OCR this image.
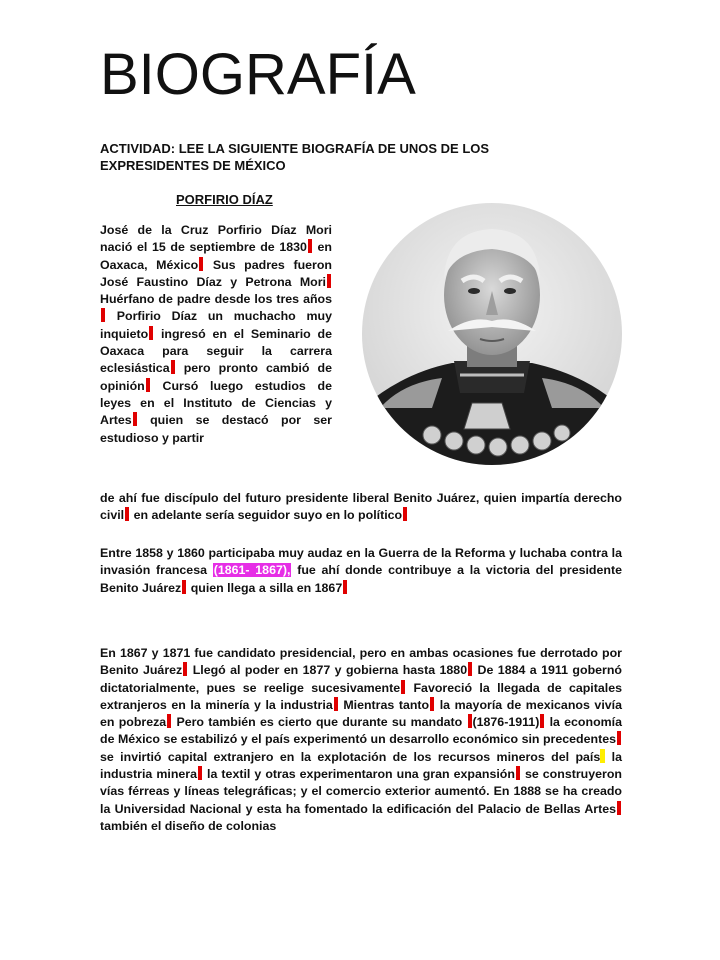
BIOGRAFÍA
ACTIVIDAD: LEE LA SIGUIENTE BIOGRAFÍA DE UNOS DE LOS EXPRESIDENTES DE MÉXICO
PORFIRIO DÍAZ
José de la Cruz Porfirio Díaz Mori nació el 15 de septiembre de 1830 en Oaxaca, México Sus padres fueron José Faustino Díaz y Petrona Mori Huérfano de padre desde los tres años Porfirio Díaz un muchacho muy inquieto ingresó en el Seminario de Oaxaca para seguir la carrera eclesiástica pero pronto cambió de opinión Cursó luego estudios de leyes en el Instituto de Ciencias y Artes quien se destacó por ser estudioso y partir
de ahí fue discípulo del futuro presidente liberal Benito Juárez, quien impartía derecho civil en adelante sería seguidor suyo en lo político
Entre 1858 y 1860 participaba muy audaz en la Guerra de la Reforma y luchaba contra la invasión francesa (1861- 1867), fue ahí donde contribuye a la victoria del presidente Benito Juárez quien llega a silla en 1867
En 1867 y 1871 fue candidato presidencial, pero en ambas ocasiones fue derrotado por Benito Juárez Llegó al poder en 1877 y gobierna hasta 1880 De 1884 a 1911 gobernó dictatorialmente, pues se reelige sucesivamente Favoreció la llegada de capitales extranjeros en la minería y la industria Mientras tanto la mayoría de mexicanos vivía en pobreza Pero también es cierto que durante su mandato (1876-1911) la economía de México se estabilizó y el país experimentó un desarrollo económico sin precedentes se invirtió capital extranjero en la explotación de los recursos mineros del país la industria minera la textil y otras experimentaron una gran expansión se construyeron vías férreas y líneas telegráficas; y el comercio exterior aumentó. En 1888 se ha creado la Universidad Nacional y esta ha fomentado la edificación del Palacio de Bellas Artes también el diseño de colonias
